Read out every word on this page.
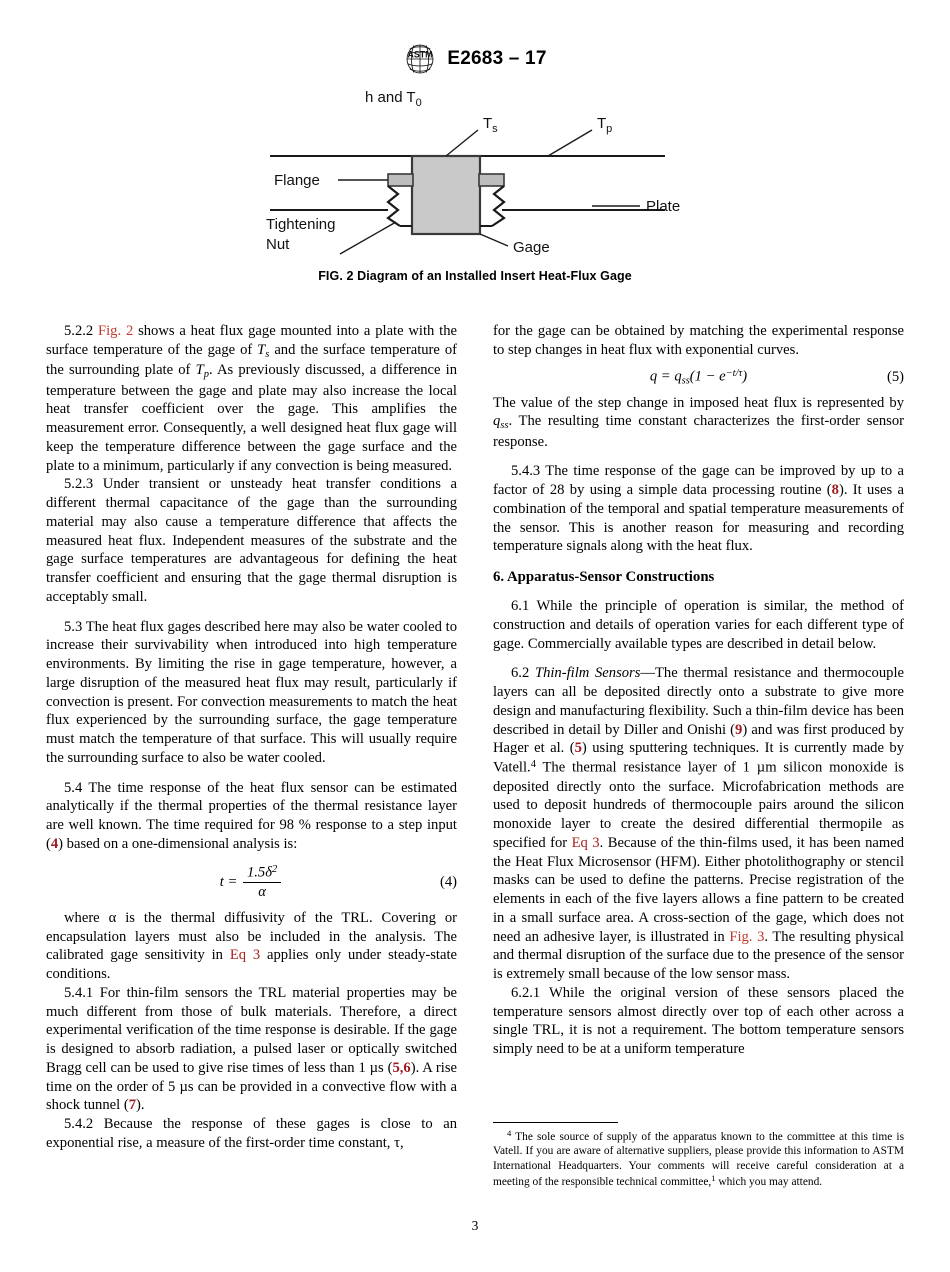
ASTM E2683 – 17
h and $T_0$
$T_s$	$T_p$
Flange
Tightening
Nut	Gage
Plate
FIG. 2 Diagram of an Installed Insert Heat-Flux Gage

5.2.2 Fig. 2 shows a heat flux gage mounted into a plate with the surface temperature of the gage of $T_s$ and the surface temperature of the surrounding plate of $T_p$. As previously discussed, a difference in temperature between the gage and plate may also increase the local heat transfer coefficient over the gage. This amplifies the measurement error. Consequently, a well designed heat flux gage will keep the temperature difference between the gage surface and the plate to a minimum, particularly if any convection is being measured.

5.2.3 Under transient or unsteady heat transfer conditions a different thermal capacitance of the gage than the surrounding material may also cause a temperature difference that affects the measured heat flux. Independent measures of the substrate and the gage surface temperatures are advantageous for defining the heat transfer coefficient and ensuring that the gage thermal disruption is acceptably small.

5.3 The heat flux gages described here may also be water cooled to increase their survivability when introduced into high temperature environments. By limiting the rise in gage temperature, however, a large disruption of the measured heat flux may result, particularly if convection is present. For convection measurements to match the heat flux experienced by the surrounding surface, the gage temperature must match the temperature of that surface. This will usually require the surrounding surface to also be water cooled.

5.4 The time response of the heat flux sensor can be estimated analytically if the thermal properties of the thermal resistance layer are well known. The time required for 98 % response to a step input (4) based on a one-dimensional analysis is:

$t = \frac{1.5\delta^2}{\alpha}$	(4)

where α is the thermal diffusivity of the TRL. Covering or encapsulation layers must also be included in the analysis. The calibrated gage sensitivity in Eq 3 applies only under steady-state conditions.

5.4.1 For thin-film sensors the TRL material properties may be much different from those of bulk materials. Therefore, a direct experimental verification of the time response is desirable. If the gage is designed to absorb radiation, a pulsed laser or optically switched Bragg cell can be used to give rise times of less than 1 µs (5,6). A rise time on the order of 5 µs can be provided in a convective flow with a shock tunnel (7).

5.4.2 Because the response of these gages is close to an exponential rise, a measure of the first-order time constant, τ,

for the gage can be obtained by matching the experimental response to step changes in heat flux with exponential curves.

$q = q_{ss}(1 - e^{-t/\tau})$	(5)

The value of the step change in imposed heat flux is represented by $q_{ss}$. The resulting time constant characterizes the first-order sensor response.

5.4.3 The time response of the gage can be improved by up to a factor of 28 by using a simple data processing routine (8). It uses a combination of the temporal and spatial temperature measurements of the sensor. This is another reason for measuring and recording temperature signals along with the heat flux.

6. Apparatus-Sensor Constructions

6.1 While the principle of operation is similar, the method of construction and details of operation varies for each different type of gage. Commercially available types are described in detail below.

6.2 Thin-film Sensors—The thermal resistance and thermocouple layers can all be deposited directly onto a substrate to give more design and manufacturing flexibility. Such a thin-film device has been described in detail by Diller and Onishi (9) and was first produced by Hager et al. (5) using sputtering techniques. It is currently made by Vatell.$^4$ The thermal resistance layer of 1 µm silicon monoxide is deposited directly onto the surface. Microfabrication methods are used to deposit hundreds of thermocouple pairs around the silicon monoxide layer to create the desired differential thermopile as specified for Eq 3. Because of the thin-films used, it has been named the Heat Flux Microsensor (HFM). Either photolithography or stencil masks can be used to define the patterns. Precise registration of the elements in each of the five layers allows a fine pattern to be created in a small surface area. A cross-section of the gage, which does not need an adhesive layer, is illustrated in Fig. 3. The resulting physical and thermal disruption of the surface due to the presence of the sensor is extremely small because of the low sensor mass.

6.2.1 While the original version of these sensors placed the temperature sensors almost directly over top of each other across a single TRL, it is not a requirement. The bottom temperature sensors simply need to be at a uniform temperature

$^4$ The sole source of supply of the apparatus known to the committee at this time is Vatell. If you are aware of alternative suppliers, please provide this information to ASTM International Headquarters. Your comments will receive careful consideration at a meeting of the responsible technical committee,$^1$ which you may attend.

3
